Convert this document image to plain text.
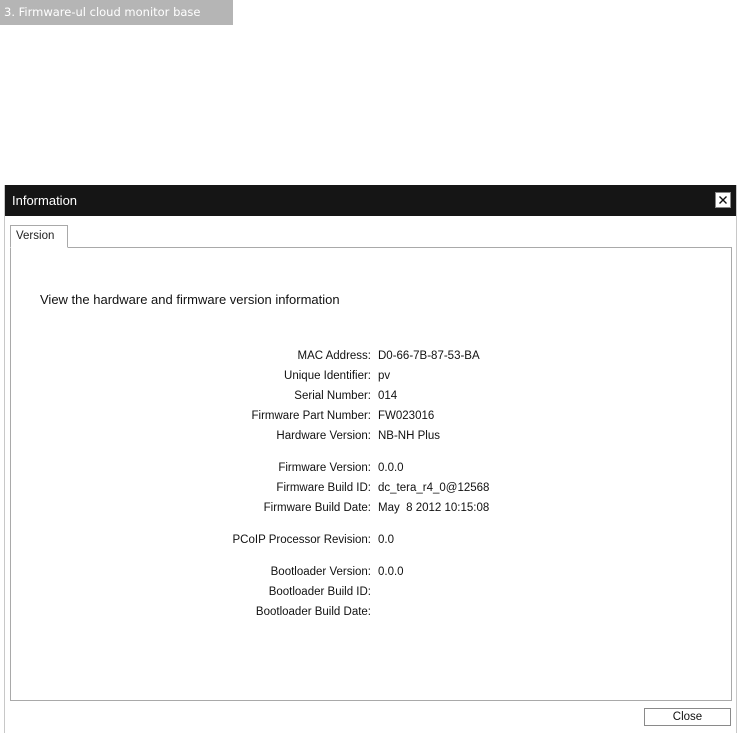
3. Firmware-ul cloud monitor base
Information
Version
View the hardware and firmware version information
MAC Address: D0-66-7B-87-53-BA
Unique Identifier: pv
Serial Number: 014
Firmware Part Number: FW023016
Hardware Version: NB-NH Plus
Firmware Version: 0.0.0
Firmware Build ID: dc_tera_r4_0@12568
Firmware Build Date: May  8 2012 10:15:08
PCoIP Processor Revision: 0.0
Bootloader Version: 0.0.0
Bootloader Build ID:
Bootloader Build Date:
Close
